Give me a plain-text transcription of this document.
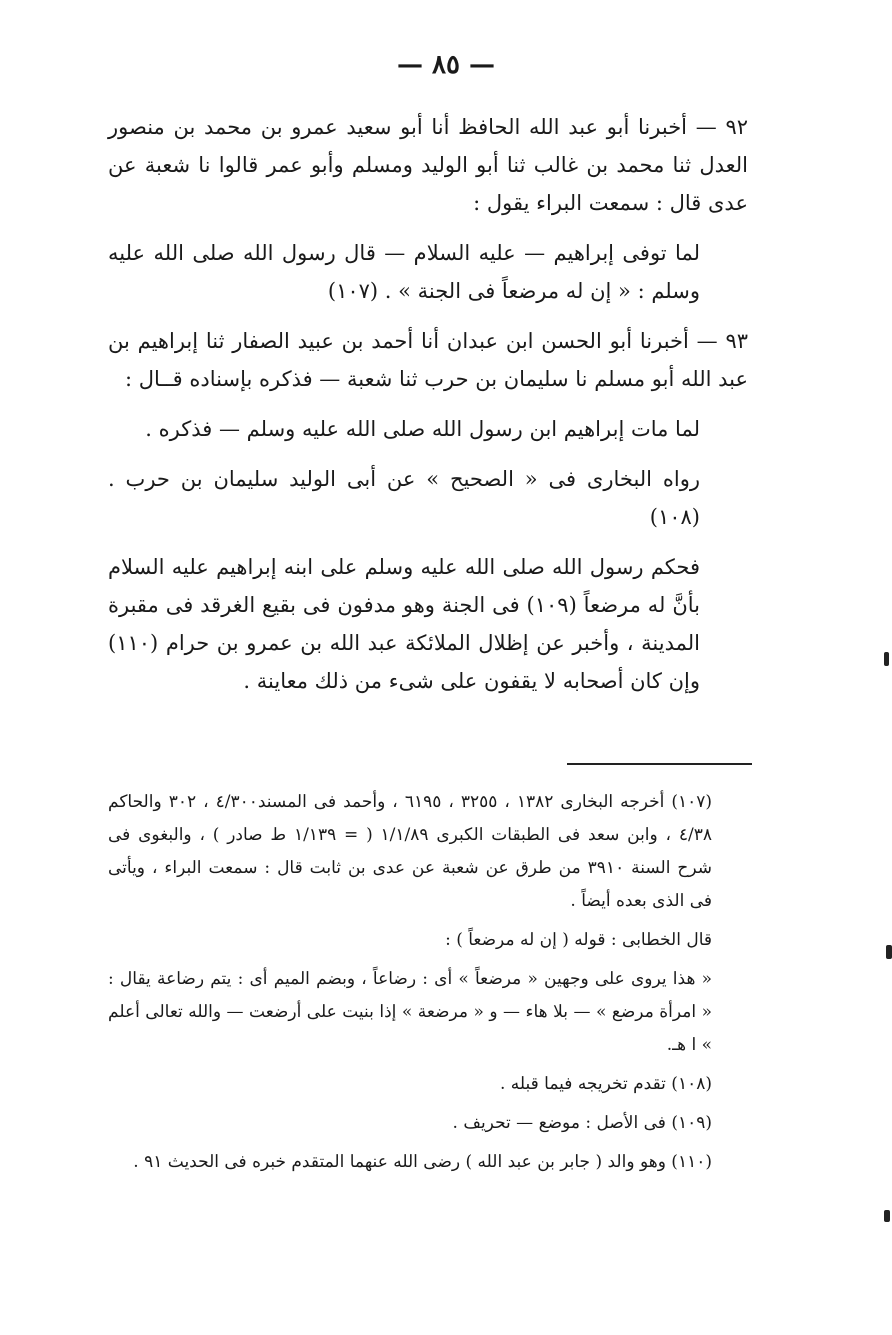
— ٨٥ —

٩٢ — أخبرنا أبو عبد الله الحافظ أنا أبو سعيد عمرو بن محمد بن منصور العدل ثنا محمد بن غالب ثنا أبو الوليد ومسلم وأبو عمر قالوا نا شعبة عن عدى قال : سمعت البراء يقول :

لما توفى إبراهيم — عليه السلام — قال رسول الله صلى الله عليه وسلم : « إن له مرضعاً فى الجنة » . (١٠٧)

٩٣ — أخبرنا أبو الحسن ابن عبدان أنا أحمد بن عبيد الصفار ثنا إبراهيم بن عبد الله أبو مسلم نا سليمان بن حرب ثنا شعبة — فذكره بإسناده قــال :

لما مات إبراهيم ابن رسول الله صلى الله عليه وسلم — فذكره .

رواه البخارى فى « الصحيح » عن أبى الوليد سليمان بن حرب . (١٠٨)

فحكم رسول الله صلى الله عليه وسلم على ابنه إبراهيم عليه السلام بأنَّ له مرضعاً (١٠٩) فى الجنة وهو مدفون فى بقيع الغرقد فى مقبرة المدينة ، وأخبر عن إظلال الملائكة عبد الله بن عمرو بن حرام (١١٠) وإن كان أصحابه لا يقفون على شىء من ذلك معاينة .

(١٠٧) أخرجه البخارى ١٣٨٢ ، ٣٢٥٥ ، ٦١٩٥ ، وأحمد فى المسند٤/٣٠٠ ، ٣٠٢ والحاكم ٤/٣٨ ، وابن سعد فى الطبقات الكبرى ١/١/٨٩ ( = ١/١٣٩ ط صادر ) ، والبغوى فى شرح السنة ٣٩١٠ من طرق عن شعبة عن عدى بن ثابت قال : سمعت البراء ، ويأتى فى الذى بعده أيضاً .

قال الخطابى : قوله ( إن له مرضعاً ) :

« هذا يروى على وجهين « مرضعاً » أى : رضاعاً ، وبضم الميم أى : يتم رضاعة يقال : « امرأة مرضع » — بلا هاء — و « مرضعة » إذا بنيت على أرضعت — والله تعالى أعلم » ا هـ.

(١٠٨) تقدم تخريجه فيما قبله .

(١٠٩) فى الأصل : موضع — تحريف .

(١١٠) وهو والد ( جابر بن عبد الله ) رضى الله عنهما المتقدم خبره فى الحديث ٩١ .
